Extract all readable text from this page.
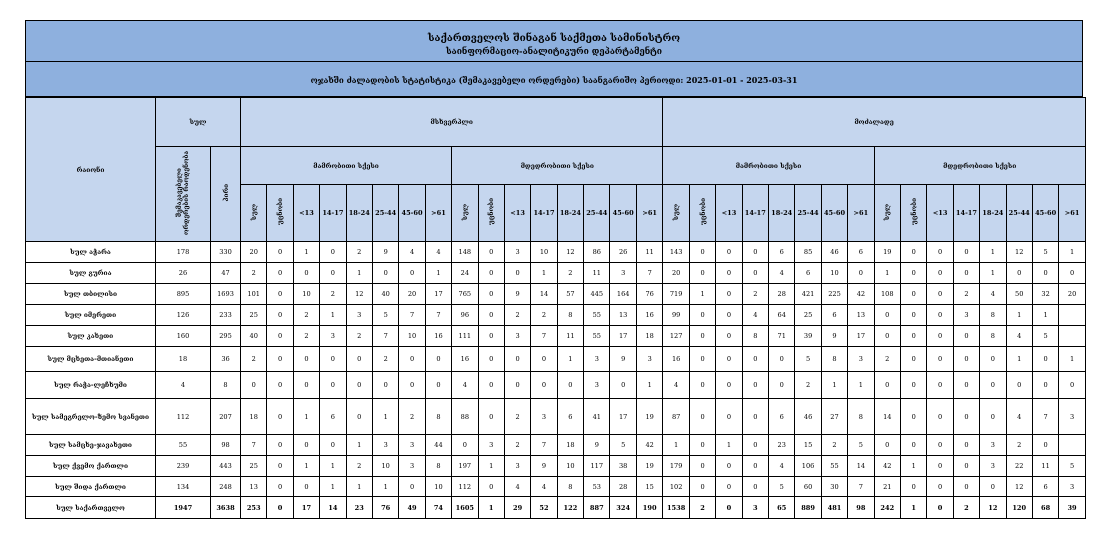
საქართველოს შინაგან საქმეთა სამინისტრო
საინფორმაციო-ანალიტიკური დეპარტამენტი
ოჯახში ძალადობის სტატისტიკა (შემაკავებელი ორდერები) საანგარიშო პერიოდი: 2025-01-01 - 2025-03-31
რაიონი	სულ		მსხვერპლი																მოძალადე															
	შემაკავებელი ორდერების რაოდენობა	პირი	მამრობითი სქესი								მდედრობითი სქესი								მამრობითი სქესი								მდედრობითი სქესი							
			სულ	უცნობი	<13	14-17	18-24	25-44	45-60	>61	სულ	უცნობი	<13	14-17	18-24	25-44	45-60	>61	სულ	უცნობი	<13	14-17	18-24	25-44	45-60	>61	სულ	უცნობი	<13	14-17	18-24	25-44	45-60	>61
სულ აჭარა	178	330	20	0	1	0	2	9	4	4	148	0	3	10	12	86	26	11	143	0	0	0	6	85	46	6	19	0	0	0	1	12	5	1
სულ გურია	26	47	2	0	0	0	1	0	0	1	24	0	0	1	2	11	3	7	20	0	0	0	4	6	10	0	1	0	0	0	1	0	0	0
სულ თბილისი	895	1693	101	0	10	2	12	40	20	17	765	0	9	14	57	445	164	76	719	1	0	2	28	421	225	42	108	0	0	2	4	50	32	20
სულ იმერეთი	126	233	25	0	2	1	3	5	7	7	96	0	2	2	8	55	13	16	99	0	0	4	64	25	6	13	0	0	0	3	8	1	1	
სულ კახეთი	160	295	40	0	2	3	2	7	10	16	111	0	3	7	11	55	17	18	127	0	0	8	71	39	9	17	0	0	0	0	8	4	5	
სულ მცხეთა-მთიანეთი	18	36	2	0	0	0	0	2	0	0	16	0	0	0	1	3	9	3	16	0	0	0	0	5	8	3	2	0	0	0	0	1	0	1
სულ რაჭა-ლეჩხუმი	4	8	0	0	0	0	0	0	0	0	4	0	0	0	0	3	0	1	4	0	0	0	0	2	1	1	0	0	0	0	0	0	0	0
სულ სამეგრელო-ზემო სვანეთი	112	207	18	0	1	6	0	1	2	8	88	0	2	3	6	41	17	19	87	0	0	0	6	46	27	8	14	0	0	0	0	4	7	3
სულ სამცხე-ჯავახეთი	55	98	7	0	0	0	1	3	3	44	0	3	2	7	18	9	5	42	1	0	1	0	23	15	2	5	0	0	0	0	3	2	0	
სულ ქვემო ქართლი	239	443	25	0	1	1	2	10	3	8	197	1	3	9	10	117	38	19	179	0	0	0	4	106	55	14	42	1	0	0	3	22	11	5
სულ შიდა ქართლი	134	248	13	0	0	1	1	1	0	10	112	0	4	4	8	53	28	15	102	0	0	0	5	60	30	7	21	0	0	0	0	12	6	3
სულ საქართველო	1947	3638	253	0	17	14	23	76	49	74	1605	1	29	52	122	887	324	190	1538	2	0	3	65	889	481	98	242	1	0	2	12	120	68	39
